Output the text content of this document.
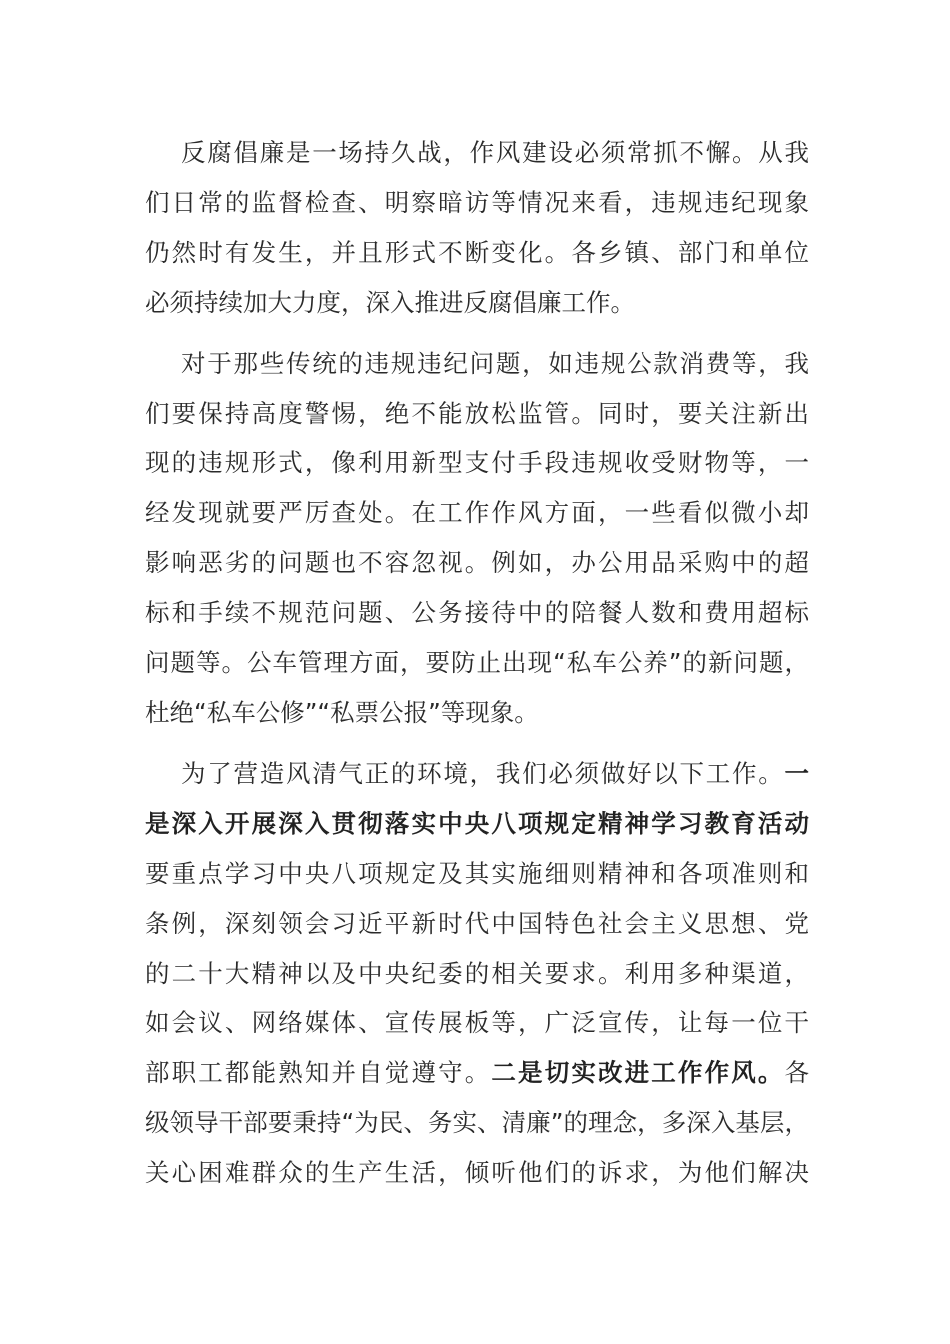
反腐倡廉是一场持久战，作风建设必须常抓不懈。从我
们日常的监督检查、明察暗访等情况来看，违规违纪现象
仍然时有发生，并且形式不断变化。各乡镇、部门和单位
必须持续加大力度，深入推进反腐倡廉工作。
对于那些传统的违规违纪问题，如违规公款消费等，我
们要保持高度警惕，绝不能放松监管。同时，要关注新出
现的违规形式，像利用新型支付手段违规收受财物等，一
经发现就要严厉查处。在工作作风方面，一些看似微小却
影响恶劣的问题也不容忽视。例如，办公用品采购中的超
标和手续不规范问题、公务接待中的陪餐人数和费用超标
问题等。公车管理方面，要防止出现“私车公养”的新问题，
杜绝“私车公修”“私票公报”等现象。
为了营造风清气正的环境，我们必须做好以下工作。一
是深入开展深入贯彻落实中央八项规定精神学习教育活动
要重点学习中央八项规定及其实施细则精神和各项准则和
条例，深刻领会习近平新时代中国特色社会主义思想、党
的二十大精神以及中央纪委的相关要求。利用多种渠道，
如会议、网络媒体、宣传展板等，广泛宣传，让每一位干
部职工都能熟知并自觉遵守。二是切实改进工作作风。各
级领导干部要秉持“为民、务实、清廉”的理念，多深入基层，
关心困难群众的生产生活，倾听他们的诉求，为他们解决
